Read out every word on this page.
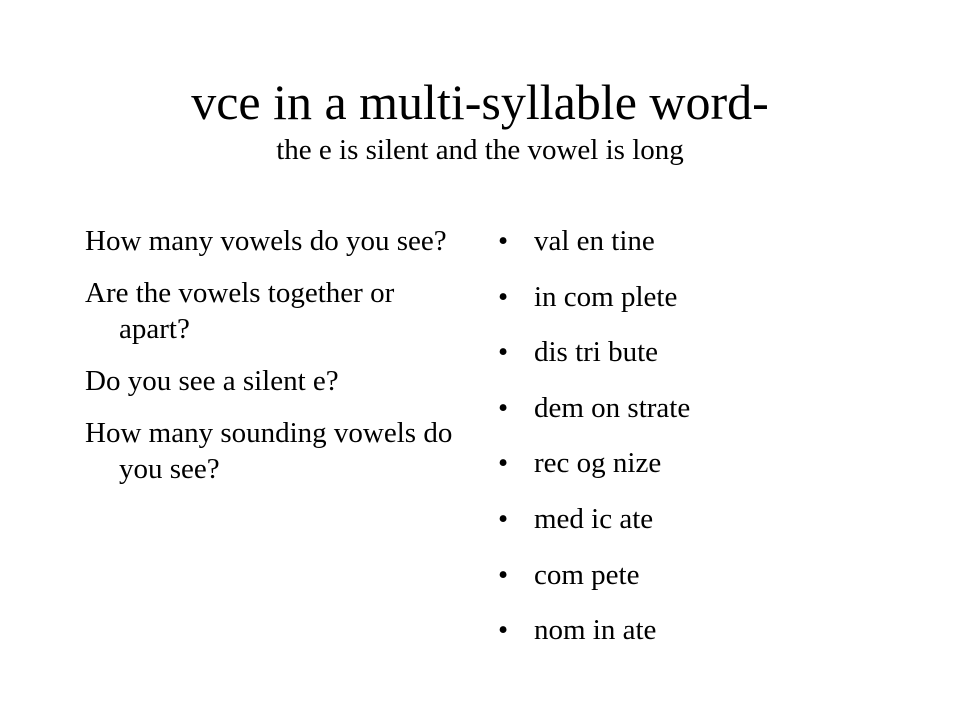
vce in a multi-syllable word-

the e is silent and the vowel is long

How many vowels do you see?

Are the vowels together or apart?

Do you see a silent e?

How many sounding vowels do you see?

• val en tine
• in com plete
• dis tri bute
• dem on strate
• rec og nize
• med ic ate
• com pete
• nom in ate
